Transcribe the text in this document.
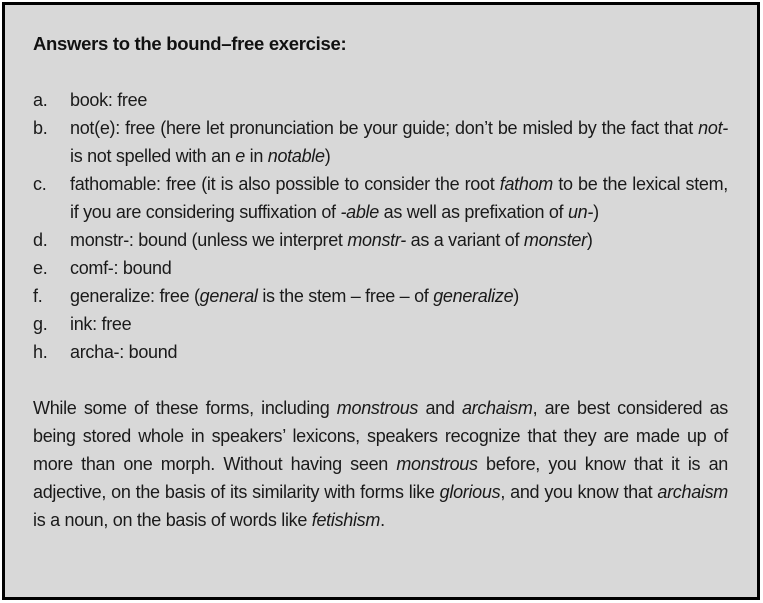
Answers to the bound–free exercise:

a.	book: free
b.	not(e): free (here let pronunciation be your guide; don’t be misled by the fact that not- is not spelled with an e in notable)
c.	fathomable: free (it is also possible to consider the root fathom to be the lexical stem, if you are considering suffixation of -able as well as prefixation of un-)
d.	monstr-: bound (unless we interpret monstr- as a variant of monster)
e.	comf-: bound
f.	generalize: free (general is the stem – free – of generalize)
g.	ink: free
h.	archa-: bound

While some of these forms, including monstrous and archaism, are best considered as being stored whole in speakers’ lexicons, speakers recognize that they are made up of more than one morph. Without having seen monstrous before, you know that it is an adjective, on the basis of its similarity with forms like glorious, and you know that archaism is a noun, on the basis of words like fetishism.
